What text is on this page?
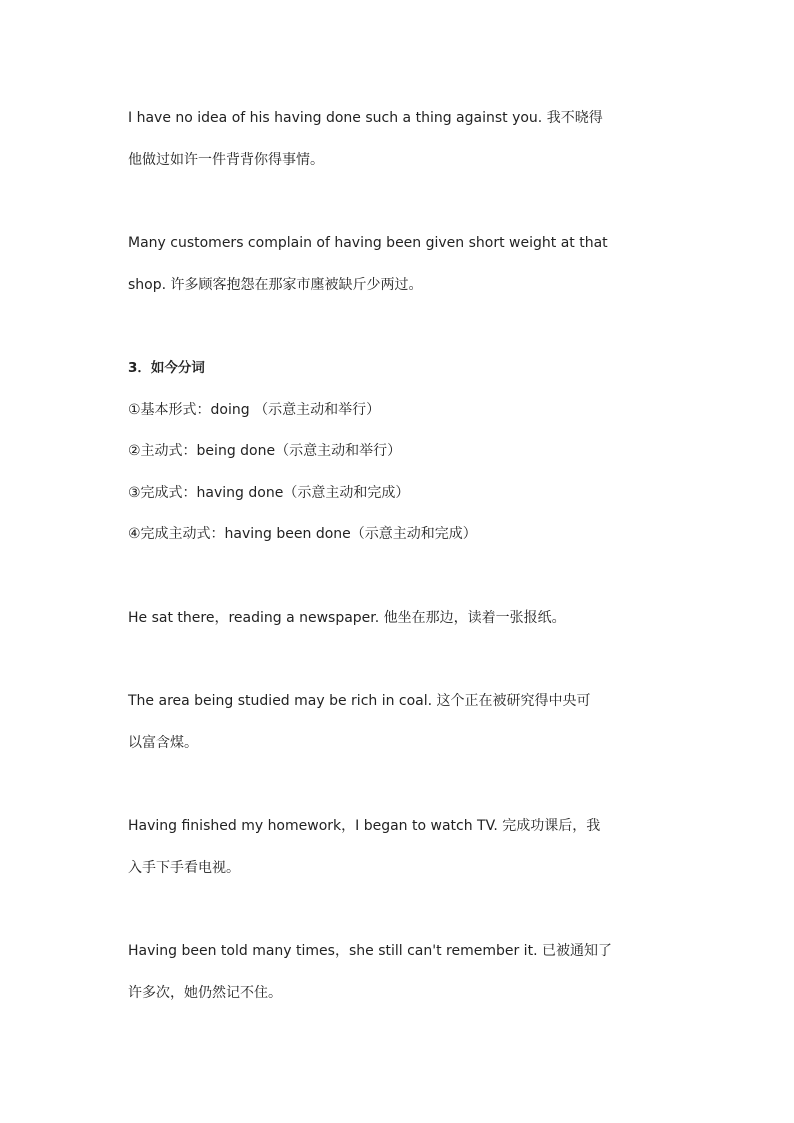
I have no idea of his having done such a thing against you. 我不晓得
他做过如许一件背背你得事情。
Many customers complain of having been given short weight at that
shop. 许多顾客抱怨在那家市廛被缺斤少两过。
3．如今分词
①基本形式：doing （示意主动和举行）
②主动式：being done（示意主动和举行）
③完成式：having done（示意主动和完成）
④完成主动式：having been done（示意主动和完成）
He sat there，reading a newspaper. 他坐在那边，读着一张报纸。
The area being studied may be rich in coal. 这个正在被研究得中央可
以富含煤。
Having finished my homework，I began to watch TV. 完成功课后，我
入手下手看电视。
Having been told many times，she still can't remember it. 已被通知了
许多次，她仍然记不住。
